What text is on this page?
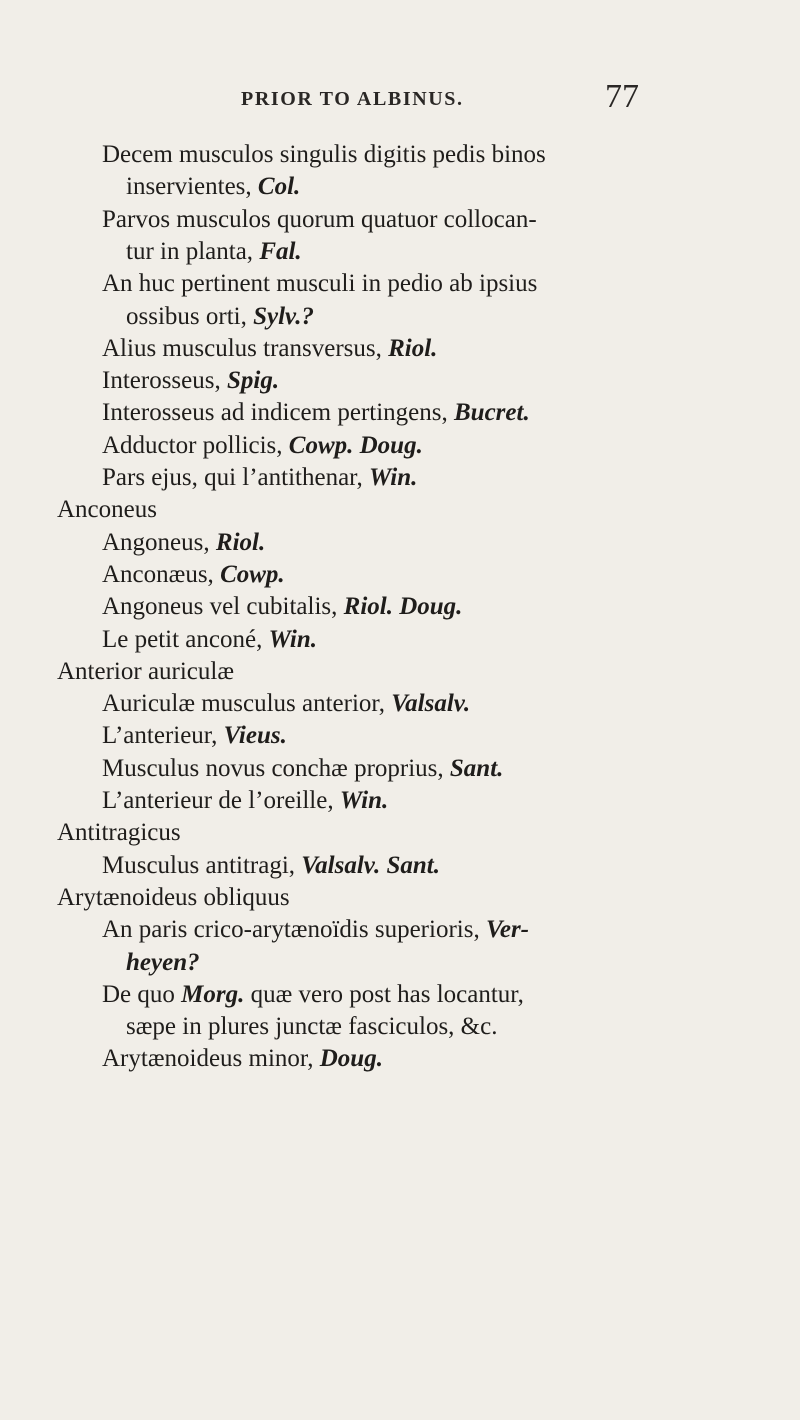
PRIOR TO ALBINUS.	77
Decem musculos singulis digitis pedis binos
inservientes, Col.
Parvos musculos quorum quatuor collocan-
tur in planta, Fal.
An huc pertinent musculi in pedio ab ipsius
ossibus orti, Sylv.?
Alius musculus transversus, Riol.
Interosseus, Spig.
Interosseus ad indicem pertingens, Bucret.
Adductor pollicis, Cowp. Doug.
Pars ejus, qui l’antithenar, Win.
Anconeus
Angoneus, Riol.
Anconæus, Cowp.
Angoneus vel cubitalis, Riol. Doug.
Le petit anconé, Win.
Anterior auriculæ
Auriculæ musculus anterior, Valsalv.
L’anterieur, Vieus.
Musculus novus conchæ proprius, Sant.
L’anterieur de l’oreille, Win.
Antitragicus
Musculus antitragi, Valsalv. Sant.
Arytænoideus obliquus
An paris crico-arytænoïdis superioris, Ver-
heyen?
De quo Morg. quæ vero post has locantur,
sæpe in plures junctæ fasciculos, &c.
Arytænoideus minor, Doug.
